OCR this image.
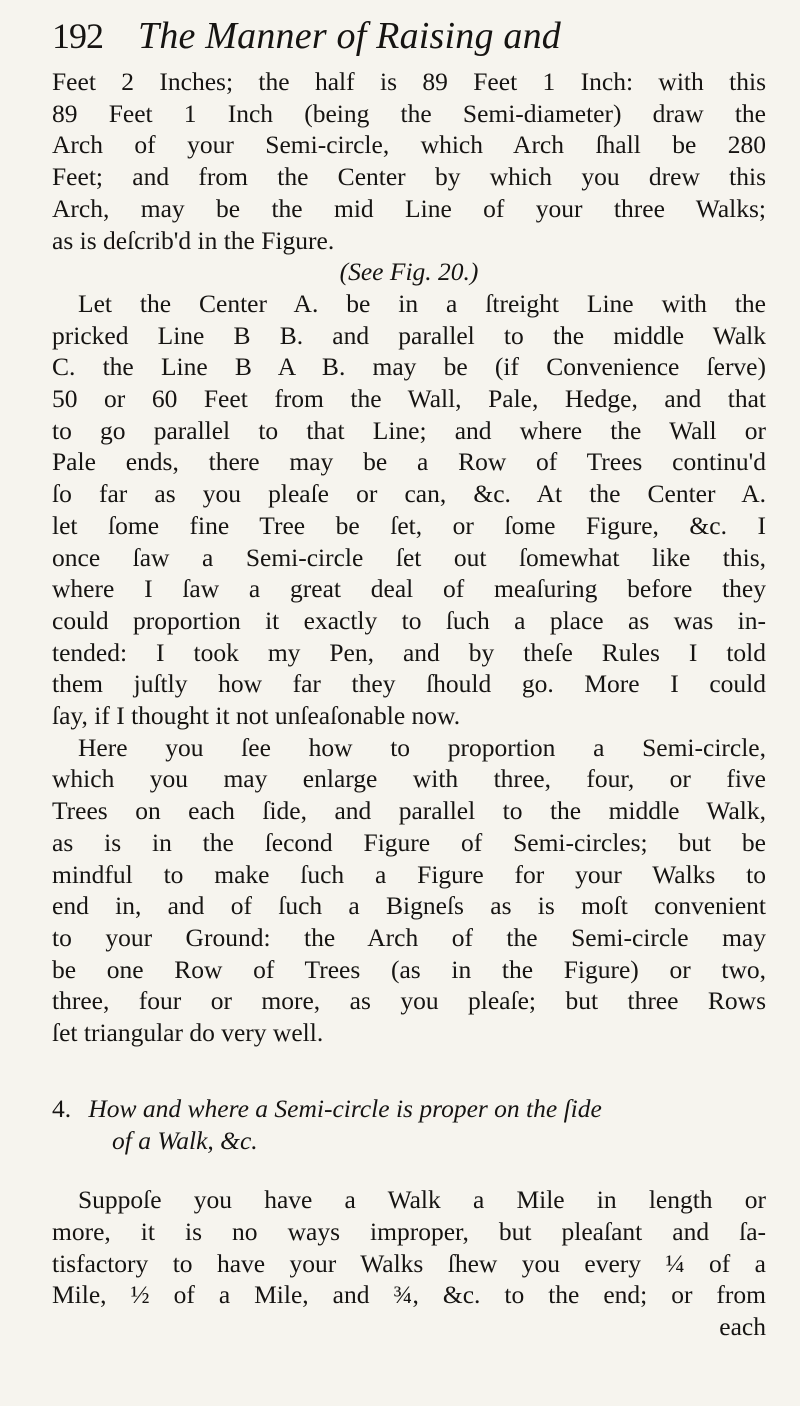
192 The Manner of Raising and
Feet 2 Inches; the half is 89 Feet 1 Inch: with this
89 Feet 1 Inch (being the Semi-diameter) draw the
Arch of your Semi-circle, which Arch ſhall be 280
Feet; and from the Center by which you drew this
Arch, may be the mid Line of your three Walks;
as is deſcrib'd in the Figure.
(See Fig. 20.)
Let the Center A. be in a ſtreight Line with the
pricked Line B B. and parallel to the middle Walk
C. the Line B A B. may be (if Convenience ſerve)
50 or 60 Feet from the Wall, Pale, Hedge, and that
to go parallel to that Line; and where the Wall or
Pale ends, there may be a Row of Trees continu'd
ſo far as you pleaſe or can, &c. At the Center A.
let ſome fine Tree be ſet, or ſome Figure, &c. I
once ſaw a Semi-circle ſet out ſomewhat like this,
where I ſaw a great deal of meaſuring before they
could proportion it exactly to ſuch a place as was in-
tended: I took my Pen, and by theſe Rules I told
them juſtly how far they ſhould go. More I could
ſay, if I thought it not unſeaſonable now.
Here you ſee how to proportion a Semi-circle,
which you may enlarge with three, four, or five
Trees on each ſide, and parallel to the middle Walk,
as is in the ſecond Figure of Semi-circles; but be
mindful to make ſuch a Figure for your Walks to
end in, and of ſuch a Bigneſs as is moſt convenient
to your Ground: the Arch of the Semi-circle may
be one Row of Trees (as in the Figure) or two,
three, four or more, as you pleaſe; but three Rows
ſet triangular do very well.
4. How and where a Semi-circle is proper on the ſide
of a Walk, &c.
Suppoſe you have a Walk a Mile in length or
more, it is no ways improper, but pleaſant and ſa-
tisfactory to have your Walks ſhew you every ¼ of a
Mile, ½ of a Mile, and ¾, &c. to the end; or from
each
